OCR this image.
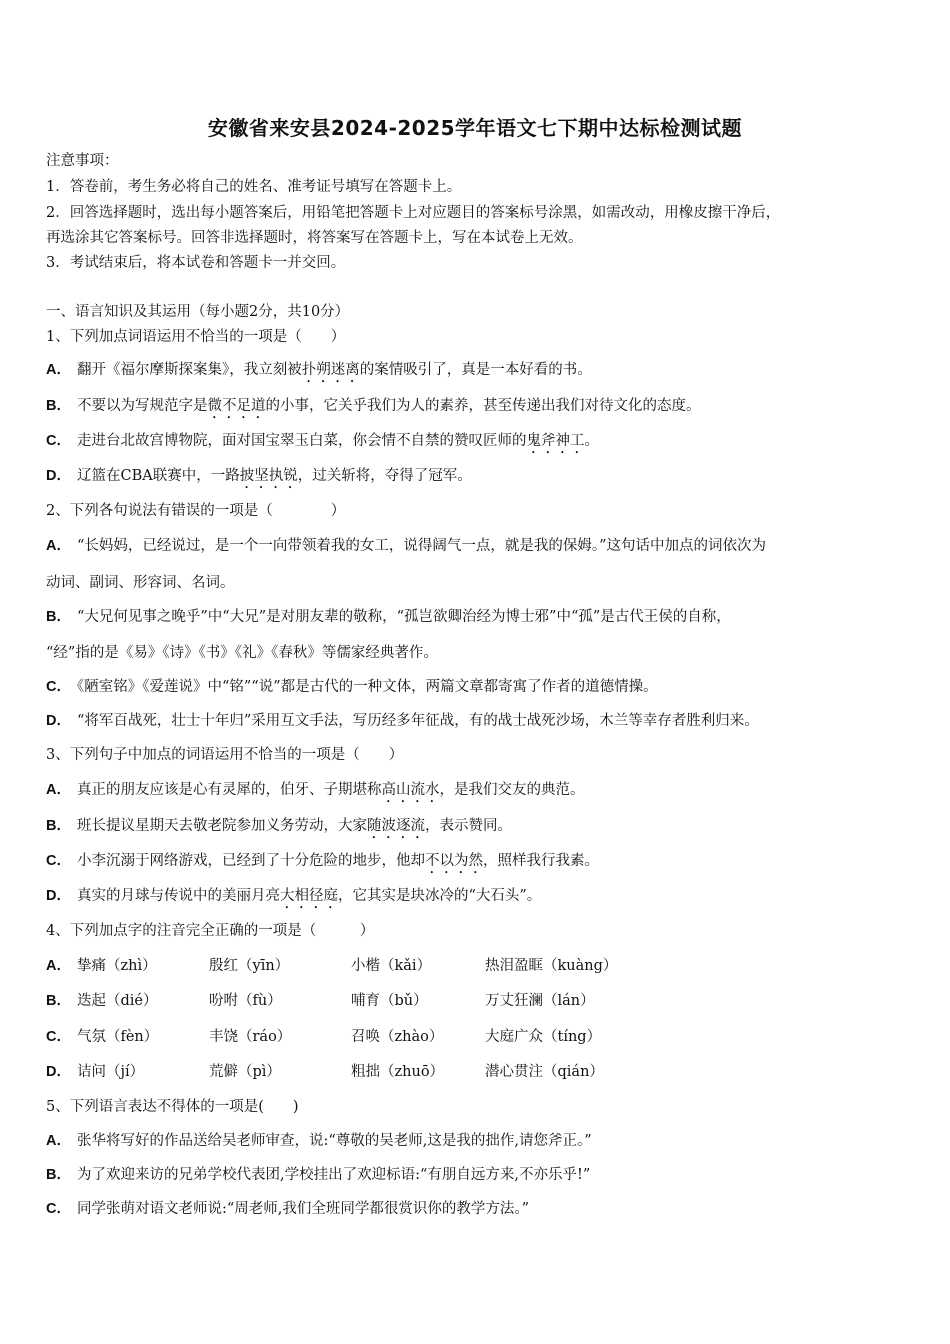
安徽省来安县2024-2025学年语文七下期中达标检测试题
注意事项：
1．答卷前，考生务必将自己的姓名、准考证号填写在答题卡上。
2．回答选择题时，选出每小题答案后，用铅笔把答题卡上对应题目的答案标号涂黑，如需改动，用橡皮擦干净后，
再选涂其它答案标号。回答非选择题时，将答案写在答题卡上，写在本试卷上无效。
3．考试结束后，将本试卷和答题卡一并交回。
一、语言知识及其运用（每小题2分，共10分）
1、下列加点词语运用不恰当的一项是（　　）
A． 翻开《福尔摩斯探案集》，我立刻被扑朔迷离的案情吸引了，真是一本好看的书。
B． 不要以为写规范字是微不足道的小事，它关乎我们为人的素养，甚至传递出我们对待文化的态度。
C． 走进台北故宫博物院，面对国宝翠玉白菜，你会情不自禁的赞叹匠师的鬼斧神工。
D． 辽篮在CBA联赛中，一路披坚执锐，过关斩将，夺得了冠军。
2、下列各句说法有错误的一项是（　　　　）
A． “长妈妈，已经说过，是一个一向带领着我的女工，说得阔气一点，就是我的保姆。”这句话中加点的词依次为
动词、副词、形容词、名词。
B． “大兄何见事之晚乎”中“大兄”是对朋友辈的敬称，“孤岂欲卿治经为博士邪”中“孤”是古代王侯的自称，
“经”指的是《易》《诗》《书》《礼》《春秋》等儒家经典著作。
C． 《陋室铭》《爱莲说》中“铭”“说”都是古代的一种文体，两篇文章都寄寓了作者的道德情操。
D． “将军百战死，壮士十年归”采用互文手法，写历经多年征战，有的战士战死沙场，木兰等幸存者胜利归来。
3、下列句子中加点的词语运用不恰当的一项是（　　）
A． 真正的朋友应该是心有灵犀的，伯牙、子期堪称高山流水，是我们交友的典范。
B． 班长提议星期天去敬老院参加义务劳动，大家随波逐流，表示赞同。
C． 小李沉溺于网络游戏，已经到了十分危险的地步，他却不以为然，照样我行我素。
D． 真实的月球与传说中的美丽月亮大相径庭，它其实是块冰冷的“大石头”。
4、下列加点字的注音完全正确的一项是（　　　）
A． 挚痛（zhì）	殷红（yīn）	小楷（kǎi）	热泪盈眶（kuàng）
B． 迭起（dié）	吩咐（fù）	哺育（bǔ）	万丈狂澜（lán）
C． 气氛（fèn）	丰饶（ráo）	召唤（zhào）	大庭广众（tíng）
D． 诘问（jí）	荒僻（pì）	粗拙（zhuō）	潜心贯注（qián）
5、下列语言表达不得体的一项是(　　)
A． 张华将写好的作品送给吴老师审查，说:“尊敬的吴老师,这是我的拙作,请您斧正。”
B． 为了欢迎来访的兄弟学校代表团,学校挂出了欢迎标语:“有朋自远方来,不亦乐乎!”
C． 同学张萌对语文老师说:“周老师,我们全班同学都很赏识你的教学方法。”
